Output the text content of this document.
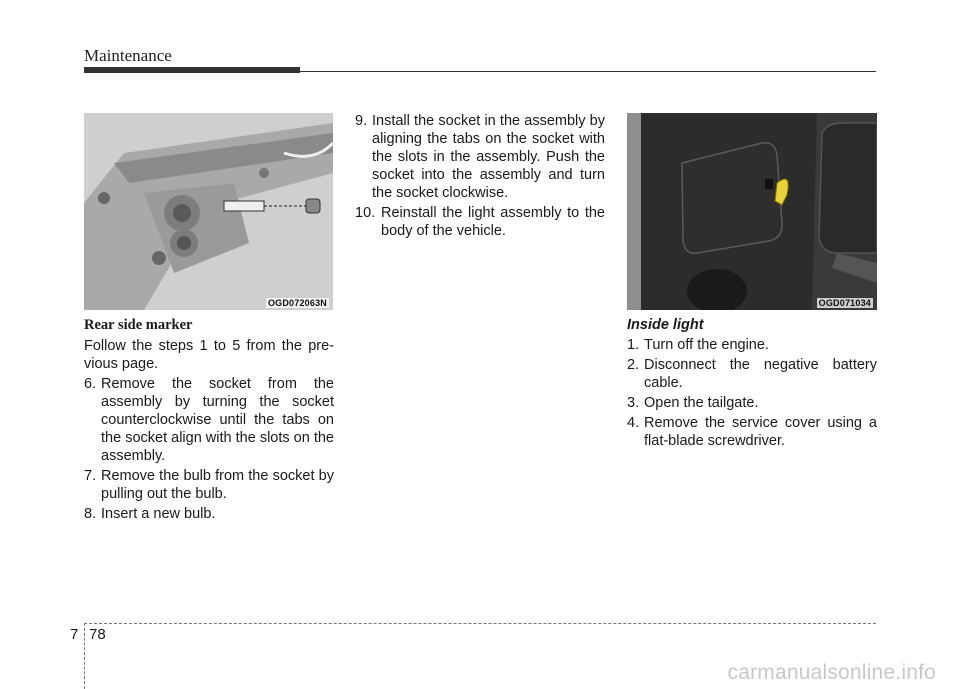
Maintenance
OGD072063N	OGD071034
Rear side marker
Follow the steps 1 to 5 from the pre-vious page.
6. Remove the socket from the assembly by turning the socket counterclockwise until the tabs on the socket align with the slots on the assembly.
7. Remove the bulb from the socket by pulling out the bulb.
8. Insert a new bulb.
9. Install the socket in the assembly by aligning the tabs on the socket with the slots in the assembly. Push the socket into the assembly and turn the socket clockwise.
10. Reinstall the light assembly to the body of the vehicle.
Inside light
1. Turn off the engine.
2. Disconnect the negative battery cable.
3. Open the tailgate.
4. Remove the service cover using a flat-blade screwdriver.
7 78
carmanualsonline.info
